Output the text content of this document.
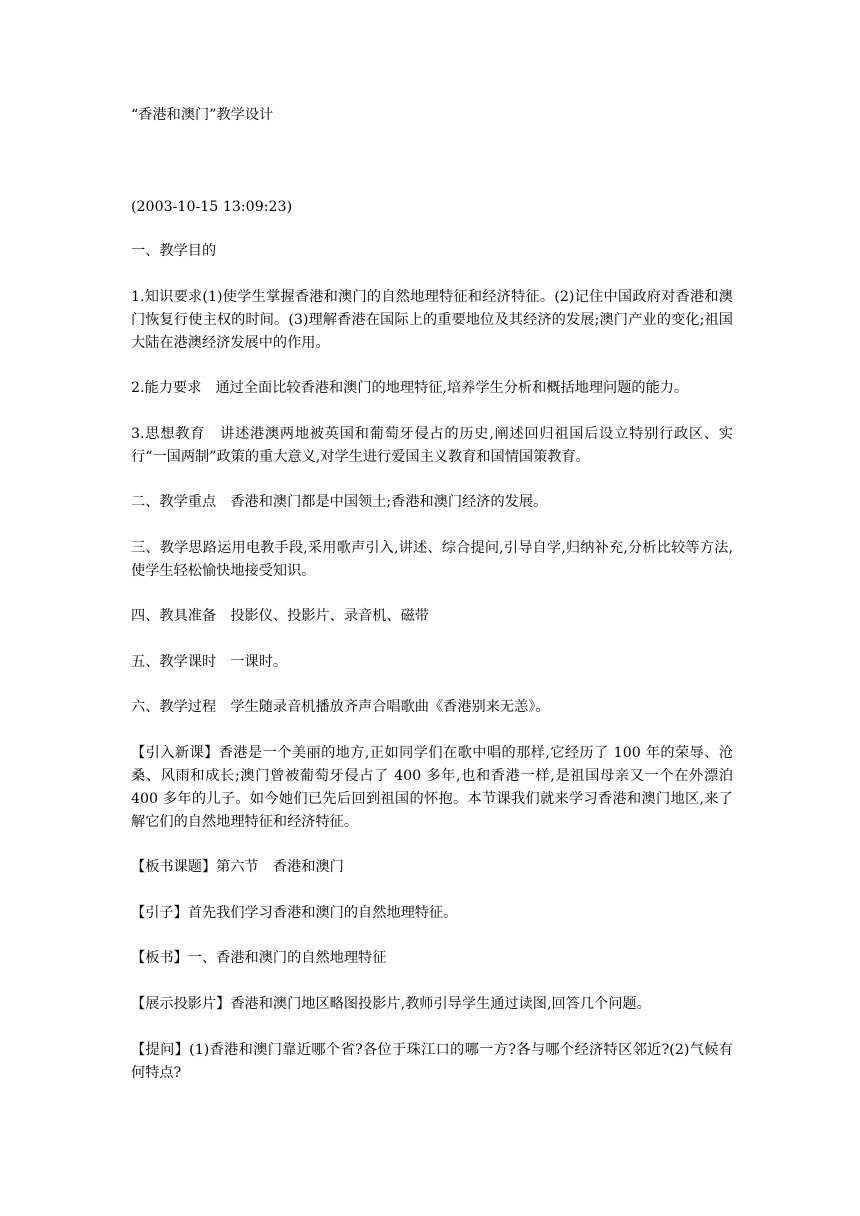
“香港和澳门”教学设计
(2003-10-15 13:09:23)
一、教学目的
1.知识要求(1)使学生掌握香港和澳门的自然地理特征和经济特征。(2)记住中国政府对香港和澳门恢复行使主权的时间。(3)理解香港在国际上的重要地位及其经济的发展;澳门产业的变化;祖国大陆在港澳经济发展中的作用。
2.能力要求　通过全面比较香港和澳门的地理特征,培养学生分析和概括地理问题的能力。
3.思想教育　讲述港澳两地被英国和葡萄牙侵占的历史,阐述回归祖国后设立特别行政区、实行“一国两制”政策的重大意义,对学生进行爱国主义教育和国情国策教育。
二、教学重点　香港和澳门都是中国领土;香港和澳门经济的发展。
三、教学思路运用电教手段,采用歌声引入,讲述、综合提问,引导自学,归纳补充,分析比较等方法,使学生轻松愉快地接受知识。
四、教具准备　投影仪、投影片、录音机、磁带
五、教学课时　一课时。
六、教学过程　学生随录音机播放齐声合唱歌曲《香港别来无恙》。
【引入新课】香港是一个美丽的地方,正如同学们在歌中唱的那样,它经历了 100 年的荣辱、沧桑、风雨和成长;澳门曾被葡萄牙侵占了 400 多年,也和香港一样,是祖国母亲又一个在外漂泊 400 多年的儿子。如今她们已先后回到祖国的怀抱。本节课我们就来学习香港和澳门地区,来了解它们的自然地理特征和经济特征。
【板书课题】第六节　香港和澳门
【引子】首先我们学习香港和澳门的自然地理特征。
【板书】一、香港和澳门的自然地理特征
【展示投影片】香港和澳门地区略图投影片,教师引导学生通过读图,回答几个问题。
【提问】(1)香港和澳门靠近哪个省?各位于珠江口的哪一方?各与哪个经济特区邻近?(2)气候有何特点?
